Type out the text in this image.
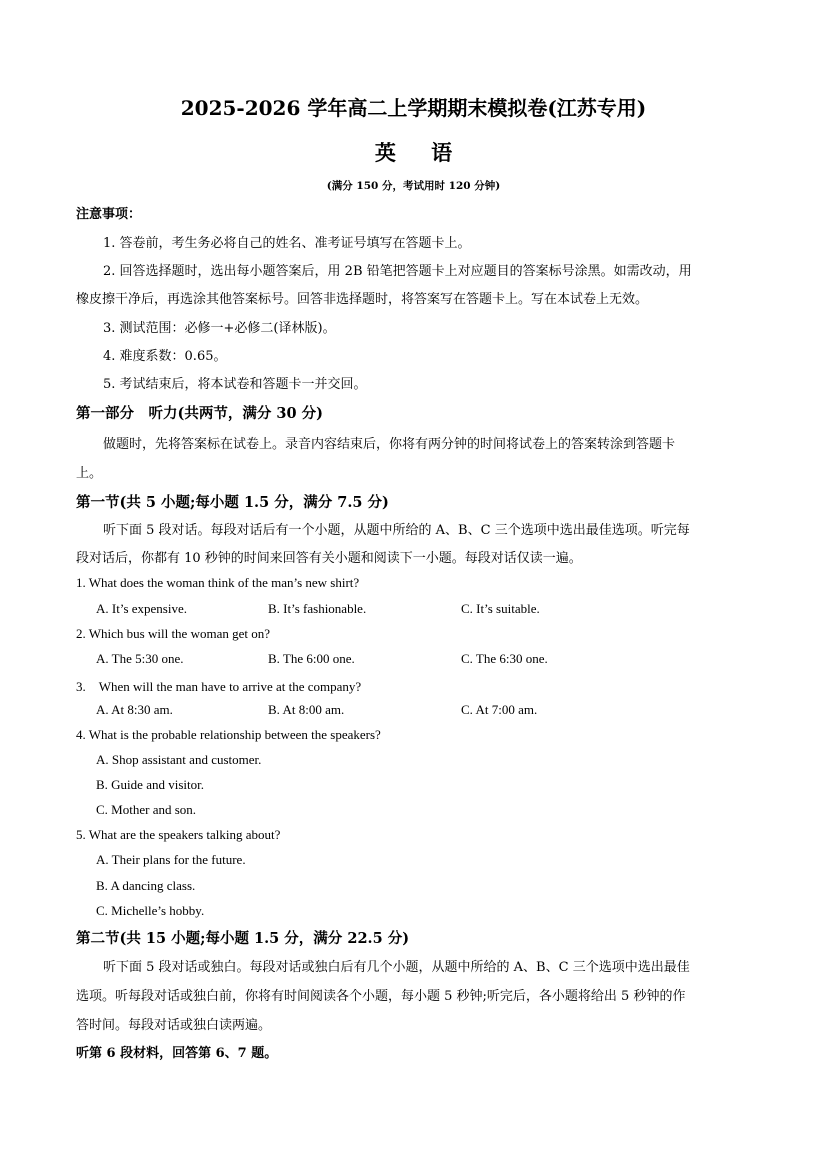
2025-2026 学年高二上学期期末模拟卷(江苏专用)
英 语
(满分 150 分，考试用时 120 分钟)
注意事项：
1. 答卷前，考生务必将自己的姓名、准考证号填写在答题卡上。
2. 回答选择题时，选出每小题答案后，用 2B 铅笔把答题卡上对应题目的答案标号涂黑。如需改动，用
橡皮擦干净后，再选涂其他答案标号。回答非选择题时，将答案写在答题卡上。写在本试卷上无效。
3. 测试范围：必修一+必修二(译林版)。
4. 难度系数：0.65。
5. 考试结束后，将本试卷和答题卡一并交回。
第一部分　听力(共两节，满分 30 分)
做题时，先将答案标在试卷上。录音内容结束后，你将有两分钟的时间将试卷上的答案转涂到答题卡
上。
第一节(共 5 小题;每小题 1.5 分，满分 7.5 分)
听下面 5 段对话。每段对话后有一个小题，从题中所给的 A、B、C 三个选项中选出最佳选项。听完每
段对话后，你都有 10 秒钟的时间来回答有关小题和阅读下一小题。每段对话仅读一遍。
1. What does the woman think of the man’s new shirt?
A. It’s expensive.	B. It’s fashionable.	C. It’s suitable.
2. Which bus will the woman get on?
A. The 5:30 one.	B. The 6:00 one.	C. The 6:30 one.
3.　When will the man have to arrive at the company?
A. At 8:30 am.	B. At 8:00 am.	C. At 7:00 am.
4. What is the probable relationship between the speakers?
A. Shop assistant and customer.
B. Guide and visitor.
C. Mother and son.
5. What are the speakers talking about?
A. Their plans for the future.
B. A dancing class.
C. Michelle’s hobby.
第二节(共 15 小题;每小题 1.5 分，满分 22.5 分)
听下面 5 段对话或独白。每段对话或独白后有几个小题，从题中所给的 A、B、C 三个选项中选出最佳
选项。听每段对话或独白前，你将有时间阅读各个小题，每小题 5 秒钟;听完后，各小题将给出 5 秒钟的作
答时间。每段对话或独白读两遍。
听第 6 段材料，回答第 6、7 题。
